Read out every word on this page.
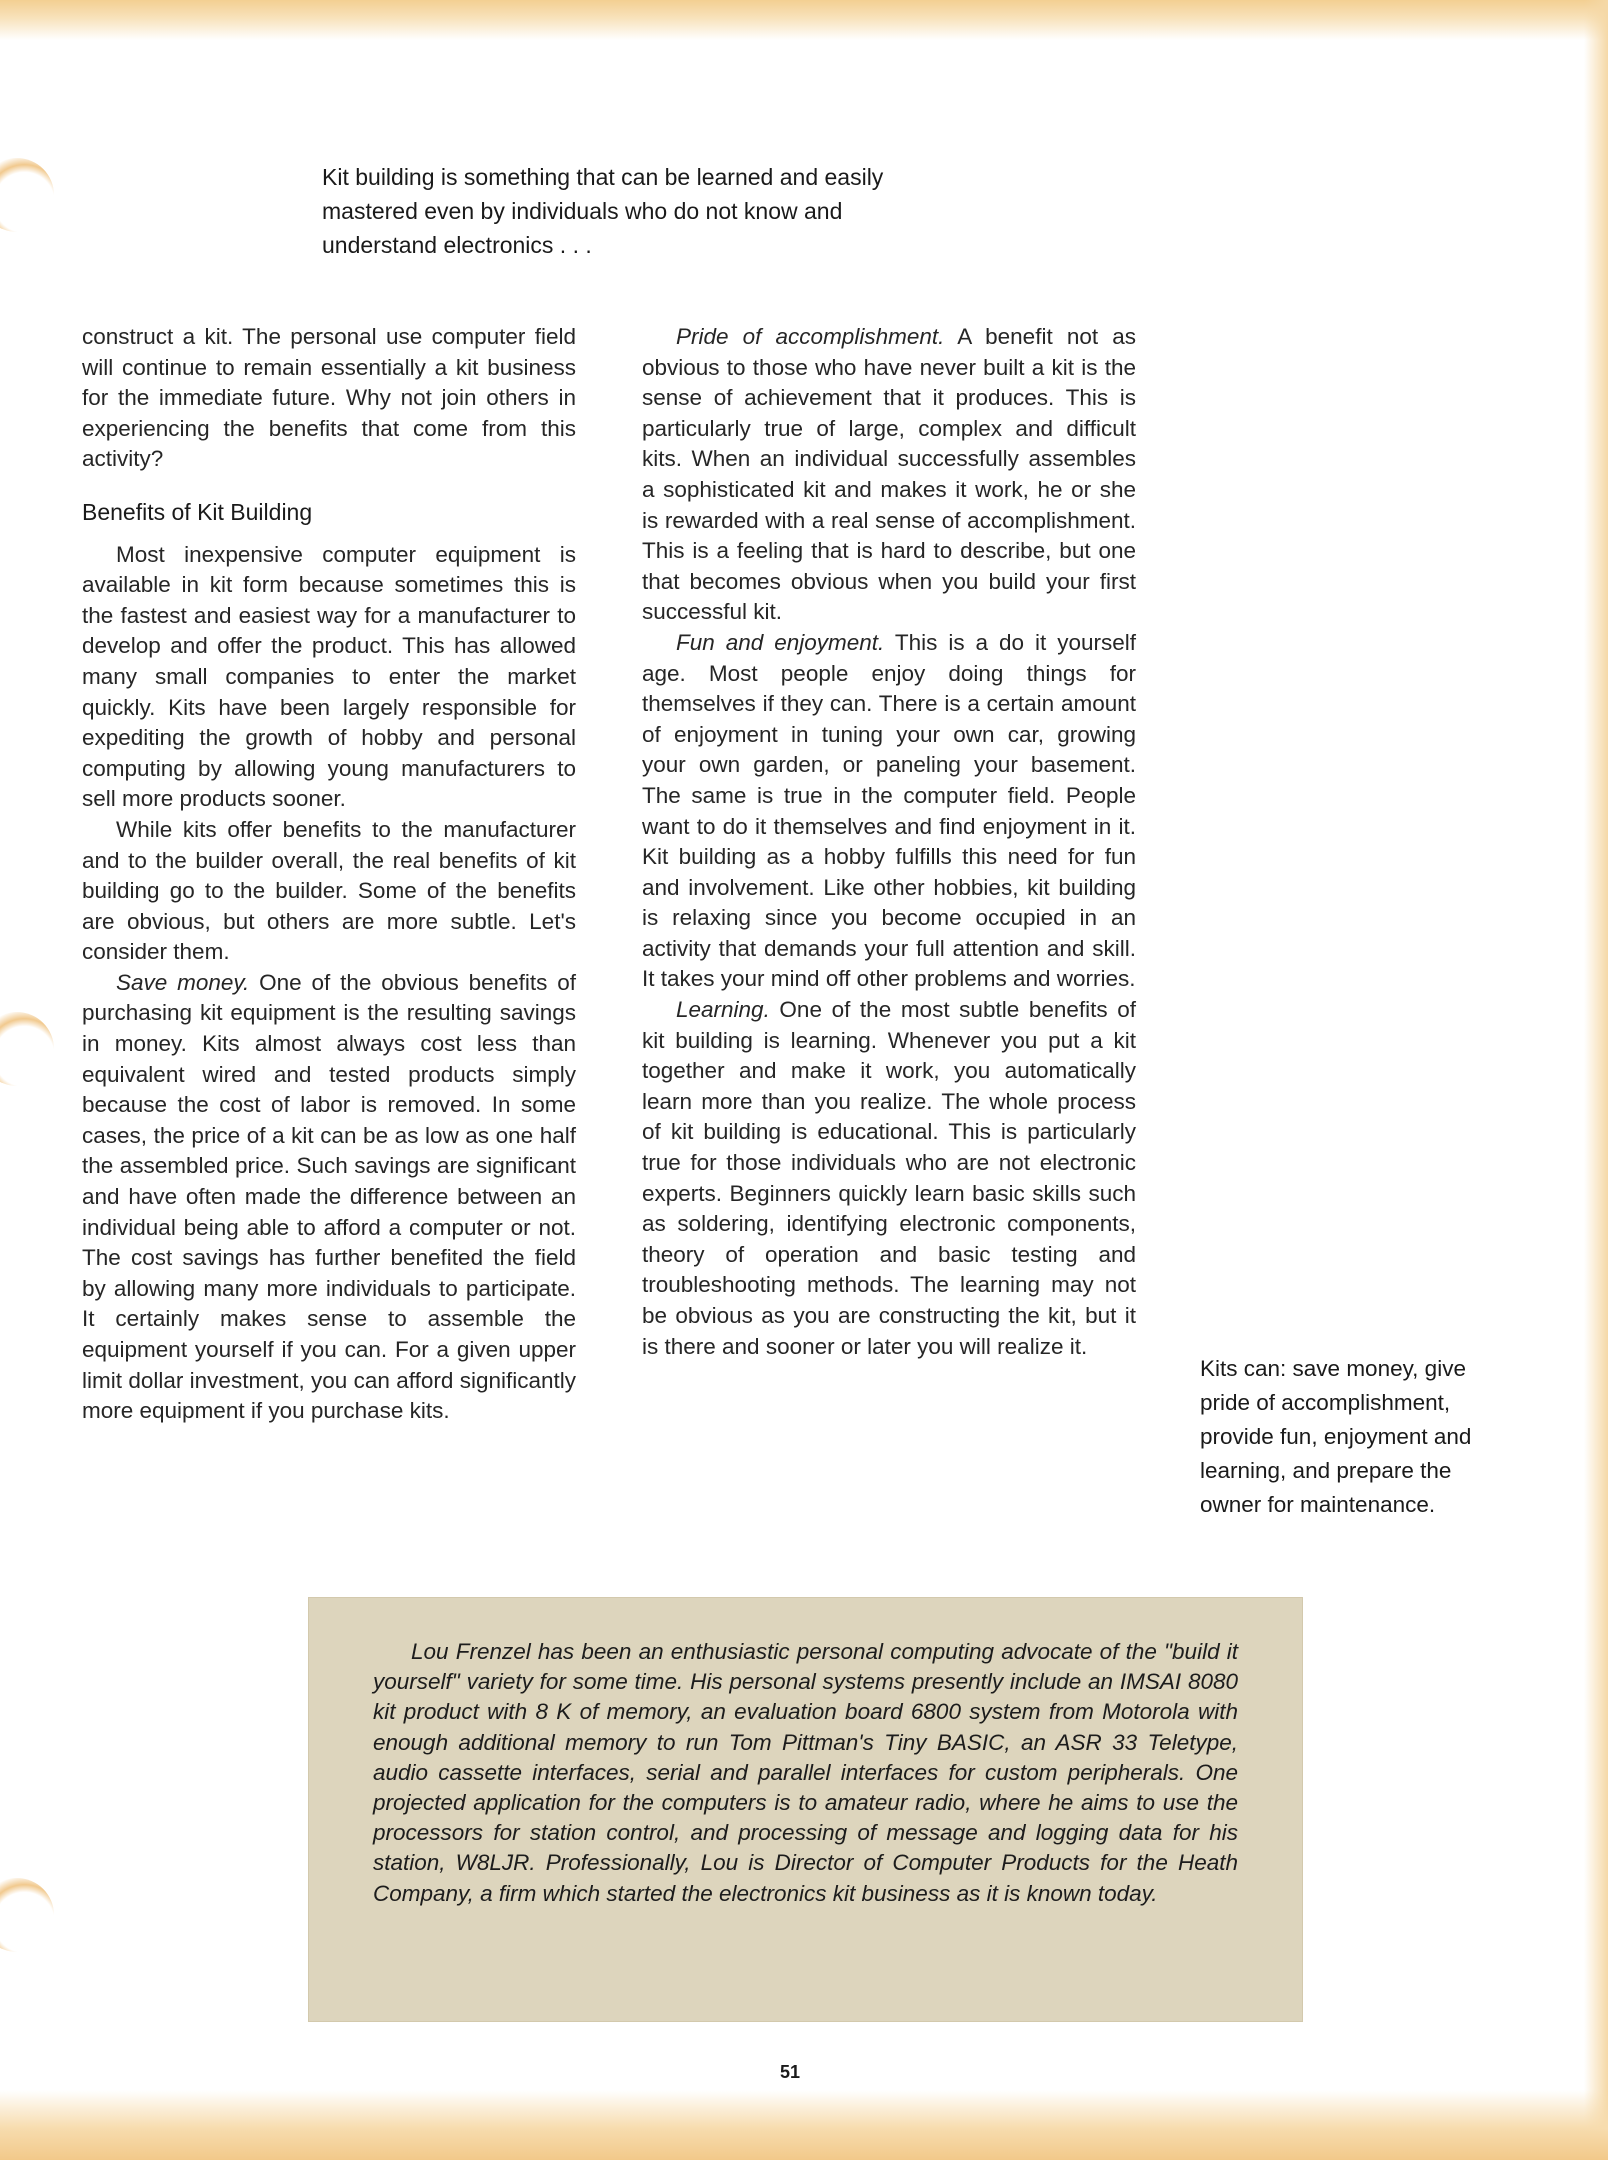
Kit building is something that can be learned and easily mastered even by individuals who do not know and understand electronics . . .

construct a kit. The personal use computer field will continue to remain essentially a kit business for the immediate future. Why not join others in experiencing the benefits that come from this activity?

Benefits of Kit Building

Most inexpensive computer equipment is available in kit form because sometimes this is the fastest and easiest way for a manufacturer to develop and offer the product. This has allowed many small companies to enter the market quickly. Kits have been largely responsible for expediting the growth of hobby and personal computing by allowing young manufacturers to sell more products sooner.

While kits offer benefits to the manufacturer and to the builder overall, the real benefits of kit building go to the builder. Some of the benefits are obvious, but others are more subtle. Let's consider them.

Save money. One of the obvious benefits of purchasing kit equipment is the resulting savings in money. Kits almost always cost less than equivalent wired and tested products simply because the cost of labor is removed. In some cases, the price of a kit can be as low as one half the assembled price. Such savings are significant and have often made the difference between an individual being able to afford a computer or not. The cost savings has further benefited the field by allowing many more individuals to participate. It certainly makes sense to assemble the equipment yourself if you can. For a given upper limit dollar investment, you can afford significantly more equipment if you purchase kits.

Pride of accomplishment. A benefit not as obvious to those who have never built a kit is the sense of achievement that it produces. This is particularly true of large, complex and difficult kits. When an individual successfully assembles a sophisticated kit and makes it work, he or she is rewarded with a real sense of accomplishment. This is a feeling that is hard to describe, but one that becomes obvious when you build your first successful kit.

Fun and enjoyment. This is a do it yourself age. Most people enjoy doing things for themselves if they can. There is a certain amount of enjoyment in tuning your own car, growing your own garden, or paneling your basement. The same is true in the computer field. People want to do it themselves and find enjoyment in it. Kit building as a hobby fulfills this need for fun and involvement. Like other hobbies, kit building is relaxing since you become occupied in an activity that demands your full attention and skill. It takes your mind off other problems and worries.

Learning. One of the most subtle benefits of kit building is learning. Whenever you put a kit together and make it work, you automatically learn more than you realize. The whole process of kit building is educational. This is particularly true for those individuals who are not electronic experts. Beginners quickly learn basic skills such as soldering, identifying electronic components, theory of operation and basic testing and troubleshooting methods. The learning may not be obvious as you are constructing the kit, but it is there and sooner or later you will realize it.

Kits can: save money, give pride of accomplishment, provide fun, enjoyment and learning, and prepare the owner for maintenance.
Lou Frenzel has been an enthusiastic personal computing advocate of the "build it yourself" variety for some time. His personal systems presently include an IMSAI 8080 kit product with 8 K of memory, an evaluation board 6800 system from Motorola with enough additional memory to run Tom Pittman's Tiny BASIC, an ASR 33 Teletype, audio cassette interfaces, serial and parallel interfaces for custom peripherals. One projected application for the computers is to amateur radio, where he aims to use the processors for station control, and processing of message and logging data for his station, W8LJR. Professionally, Lou is Director of Computer Products for the Heath Company, a firm which started the electronics kit business as it is known today.
51
